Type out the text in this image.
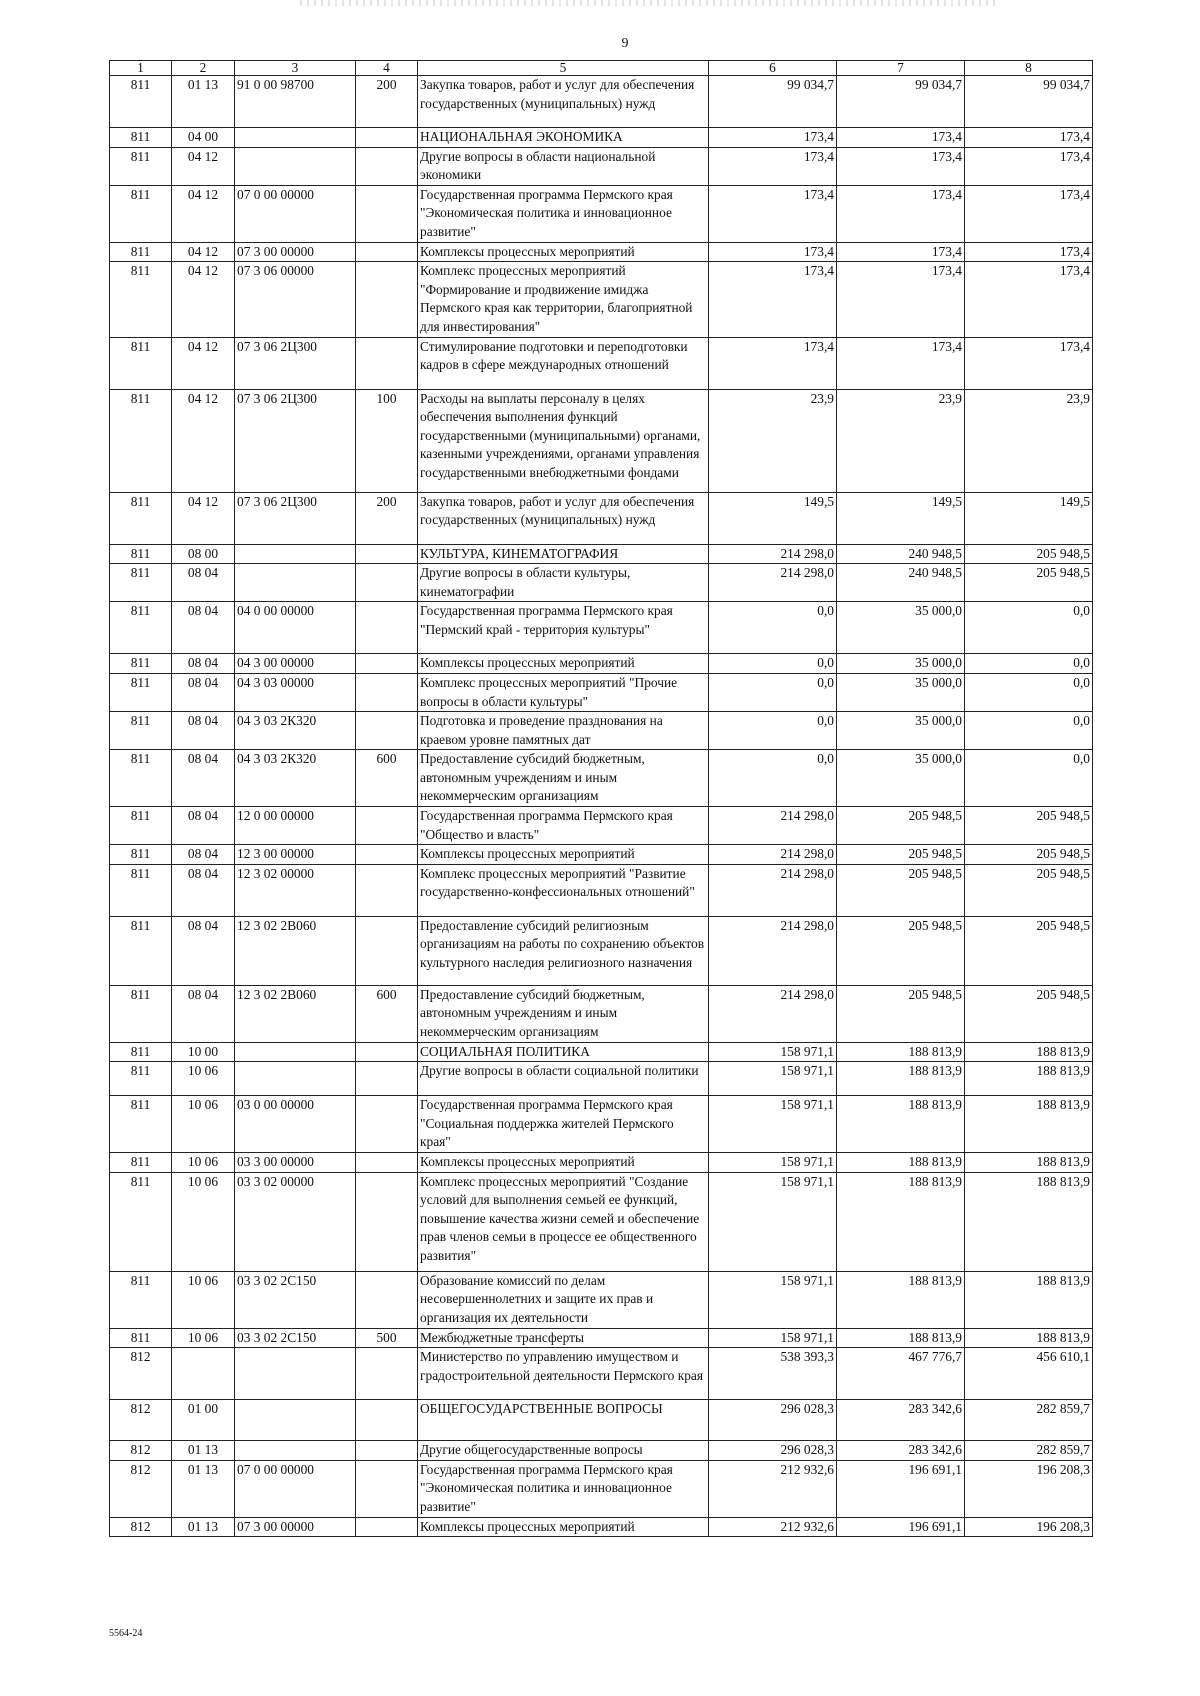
9
1	2	3	4	5	6	7	8
811	01 13	91 0 00 98700	200	Закупка товаров, работ и услуг для обеспечения государственных (муниципальных) нужд	99 034,7	99 034,7	99 034,7
811	04 00			НАЦИОНАЛЬНАЯ ЭКОНОМИКА	173,4	173,4	173,4
811	04 12			Другие вопросы в области национальной экономики	173,4	173,4	173,4
811	04 12	07 0 00 00000		Государственная программа Пермского края "Экономическая политика и инновационное развитие"	173,4	173,4	173,4
811	04 12	07 3 00 00000		Комплексы процессных мероприятий	173,4	173,4	173,4
811	04 12	07 3 06 00000		Комплекс процессных мероприятий "Формирование и продвижение имиджа Пермского края как территории, благоприятной для инвестирования"	173,4	173,4	173,4
811	04 12	07 3 06 2Ц300		Стимулирование подготовки и переподготовки кадров в сфере международных отношений	173,4	173,4	173,4
811	04 12	07 3 06 2Ц300	100	Расходы на выплаты персоналу в целях обеспечения выполнения функций государственными (муниципальными) органами, казенными учреждениями, органами управления государственными внебюджетными фондами	23,9	23,9	23,9
811	04 12	07 3 06 2Ц300	200	Закупка товаров, работ и услуг для обеспечения государственных (муниципальных) нужд	149,5	149,5	149,5
811	08 00			КУЛЬТУРА, КИНЕМАТОГРАФИЯ	214 298,0	240 948,5	205 948,5
811	08 04			Другие вопросы в области культуры, кинематографии	214 298,0	240 948,5	205 948,5
811	08 04	04 0 00 00000		Государственная программа Пермского края "Пермский край - территория культуры"	0,0	35 000,0	0,0
811	08 04	04 3 00 00000		Комплексы процессных мероприятий	0,0	35 000,0	0,0
811	08 04	04 3 03 00000		Комплекс процессных мероприятий "Прочие вопросы в области культуры"	0,0	35 000,0	0,0
811	08 04	04 3 03 2К320		Подготовка и проведение празднования на краевом уровне памятных дат	0,0	35 000,0	0,0
811	08 04	04 3 03 2К320	600	Предоставление субсидий бюджетным, автономным учреждениям и иным некоммерческим организациям	0,0	35 000,0	0,0
811	08 04	12 0 00 00000		Государственная программа Пермского края "Общество и власть"	214 298,0	205 948,5	205 948,5
811	08 04	12 3 00 00000		Комплексы процессных мероприятий	214 298,0	205 948,5	205 948,5
811	08 04	12 3 02 00000		Комплекс процессных мероприятий "Развитие государственно-конфессиональных отношений"	214 298,0	205 948,5	205 948,5
811	08 04	12 3 02 2В060		Предоставление субсидий религиозным организациям на работы по сохранению объектов культурного наследия религиозного назначения	214 298,0	205 948,5	205 948,5
811	08 04	12 3 02 2В060	600	Предоставление субсидий бюджетным, автономным учреждениям и иным некоммерческим организациям	214 298,0	205 948,5	205 948,5
811	10 00			СОЦИАЛЬНАЯ ПОЛИТИКА	158 971,1	188 813,9	188 813,9
811	10 06			Другие вопросы в области социальной политики	158 971,1	188 813,9	188 813,9
811	10 06	03 0 00 00000		Государственная программа Пермского края "Социальная поддержка жителей Пермского края"	158 971,1	188 813,9	188 813,9
811	10 06	03 3 00 00000		Комплексы процессных мероприятий	158 971,1	188 813,9	188 813,9
811	10 06	03 3 02 00000		Комплекс процессных мероприятий "Создание условий для выполнения семьей ее функций, повышение качества жизни семей и обеспечение прав членов семьи в процессе ее общественного развития"	158 971,1	188 813,9	188 813,9
811	10 06	03 3 02 2С150		Образование комиссий по делам несовершеннолетних и защите их прав и организация их деятельности	158 971,1	188 813,9	188 813,9
811	10 06	03 3 02 2С150	500	Межбюджетные трансферты	158 971,1	188 813,9	188 813,9
812				Министерство по управлению имуществом и градостроительной деятельности Пермского края	538 393,3	467 776,7	456 610,1
812	01 00			ОБЩЕГОСУДАРСТВЕННЫЕ ВОПРОСЫ	296 028,3	283 342,6	282 859,7
812	01 13			Другие общегосударственные вопросы	296 028,3	283 342,6	282 859,7
812	01 13	07 0 00 00000		Государственная программа Пермского края "Экономическая политика и инновационное развитие"	212 932,6	196 691,1	196 208,3
812	01 13	07 3 00 00000		Комплексы процессных мероприятий	212 932,6	196 691,1	196 208,3
5564-24
